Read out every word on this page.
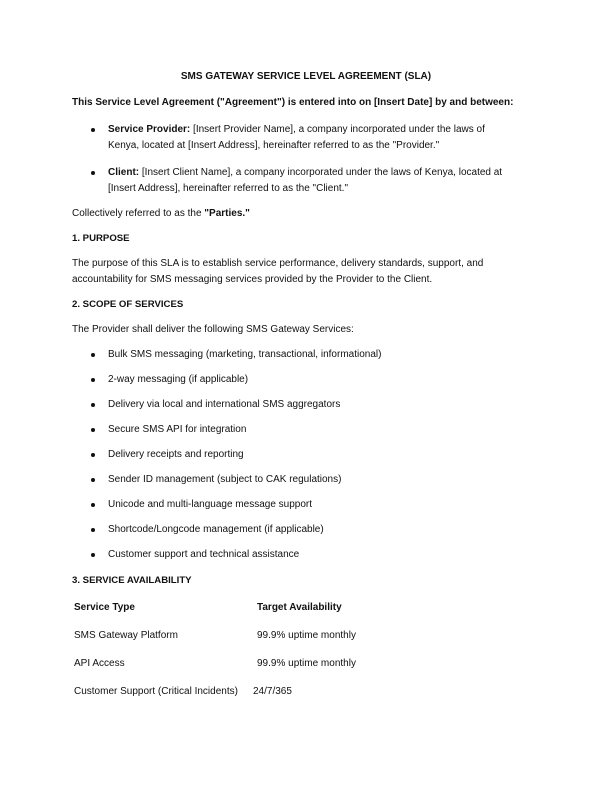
SMS GATEWAY SERVICE LEVEL AGREEMENT (SLA)
This Service Level Agreement ("Agreement") is entered into on [Insert Date] by and between:
Service Provider: [Insert Provider Name], a company incorporated under the laws of
Kenya, located at [Insert Address], hereinafter referred to as the "Provider."
Client: [Insert Client Name], a company incorporated under the laws of Kenya, located at
[Insert Address], hereinafter referred to as the "Client."
Collectively referred to as the "Parties."
1. PURPOSE
The purpose of this SLA is to establish service performance, delivery standards, support, and
accountability for SMS messaging services provided by the Provider to the Client.
2. SCOPE OF SERVICES
The Provider shall deliver the following SMS Gateway Services:
Bulk SMS messaging (marketing, transactional, informational)
2-way messaging (if applicable)
Delivery via local and international SMS aggregators
Secure SMS API for integration
Delivery receipts and reporting
Sender ID management (subject to CAK regulations)
Unicode and multi-language message support
Shortcode/Longcode management (if applicable)
Customer support and technical assistance
3. SERVICE AVAILABILITY
Service Type	Target Availability
SMS Gateway Platform	99.9% uptime monthly
API Access	99.9% uptime monthly
Customer Support (Critical Incidents) 24/7/365
